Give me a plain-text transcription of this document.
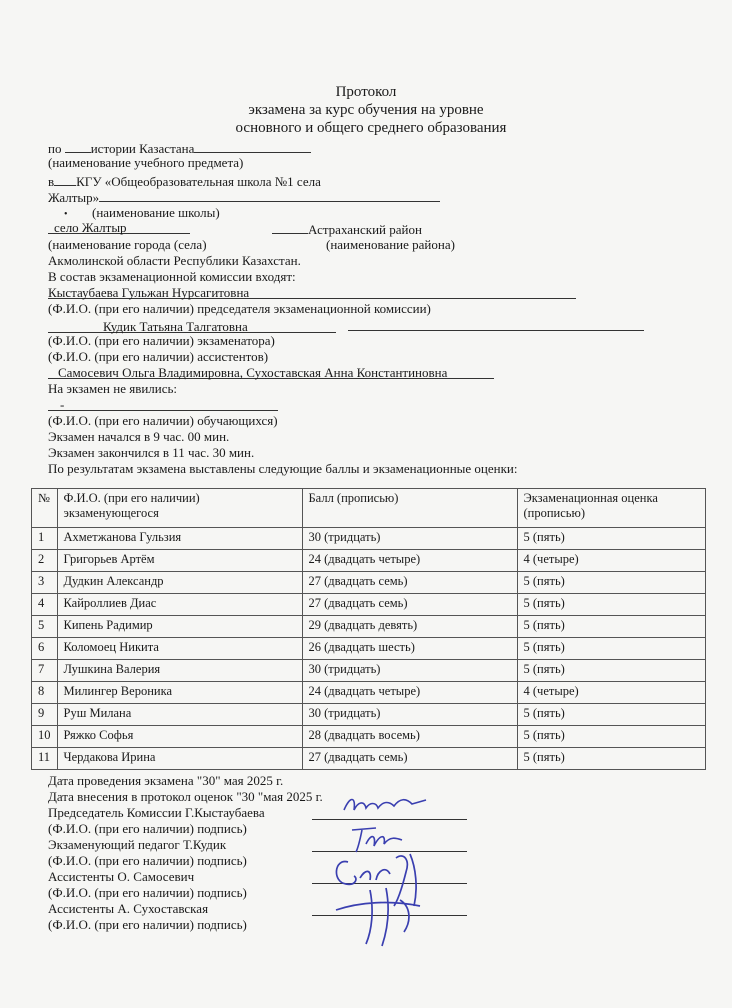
Протокол
экзамена за курс обучения на уровне
основного и общего среднего образования
по истории Казастана
(наименование учебного предмета)
в КГУ «Общеобразовательная школа №1 села
Жалтыр»
• (наименование школы)
село Жалтыр	Астраханский район
(наименование города (села)	(наименование района)
Акмолинской области Республики Казахстан.
В состав экзаменационной комиссии входят:
Кыстаубаева Гульжан Нурсагитовна
(Ф.И.О. (при его наличии) председателя экзаменационной комиссии)
Кудик Татьяна Талгатовна
(Ф.И.О. (при его наличии) экзаменатора)
(Ф.И.О. (при его наличии) ассистентов)
Самосевич Ольга Владимировна, Сухоставская Анна Константиновна
На экзамен не явились:
-
(Ф.И.О. (при его наличии) обучающихся)
Экзамен начался в 9 час. 00 мин.
Экзамен закончился в 11 час. 30 мин.
По результатам экзамена выставлены следующие баллы и экзаменационные оценки:
№	Ф.И.О. (при его наличии) экзаменующегося	Балл (прописью)	Экзаменационная оценка (прописью)
1	Ахметжанова Гульзия	30 (тридцать)	5 (пять)
2	Григорьев Артём	24 (двадцать четыре)	4 (четыре)
3	Дудкин Александр	27 (двадцать семь)	5 (пять)
4	Кайроллиев Диас	27 (двадцать семь)	5 (пять)
5	Кипень Радимир	29 (двадцать девять)	5 (пять)
6	Коломоец Никита	26 (двадцать шесть)	5 (пять)
7	Лушкина Валерия	30 (тридцать)	5 (пять)
8	Милингер Вероника	24 (двадцать четыре)	4 (четыре)
9	Руш Милана	30 (тридцать)	5 (пять)
10	Ряжко Софья	28 (двадцать восемь)	5 (пять)
11	Чердакова Ирина	27 (двадцать семь)	5 (пять)
Дата проведения экзамена "30" мая 2025 г.
Дата внесения в протокол оценок "30 "мая 2025 г.
Председатель Комиссии Г.Кыстаубаева
(Ф.И.О. (при его наличии) подпись)
Экзаменующий педагог Т.Кудик
(Ф.И.О. (при его наличии) подпись)
Ассистенты О. Самосевич
(Ф.И.О. (при его наличии) подпись)
Ассистенты А. Сухоставская
(Ф.И.О. (при его наличии) подпись)
